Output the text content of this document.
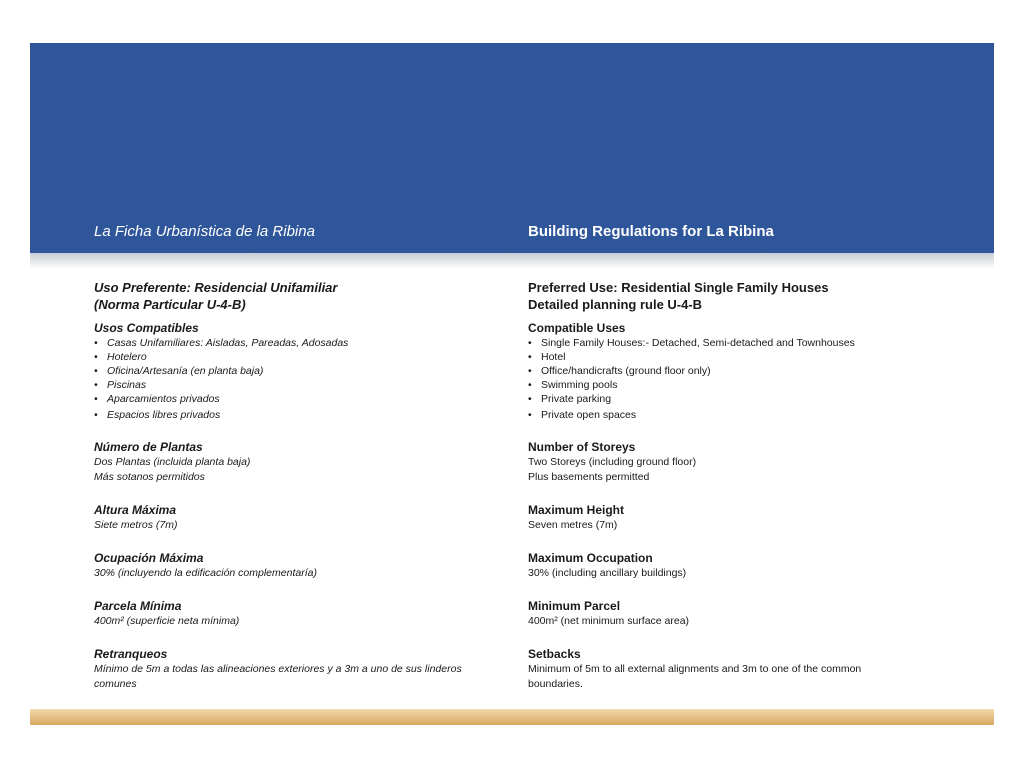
La Ficha Urbanística de la Ribina	Building Regulations for La Ribina

Uso Preferente: Residencial Unifamiliar

(Norma Particular U-4-B)

Usos Compatibles

• Casas Unifamiliares: Aisladas, Pareadas, Adosadas
• Hotelero
• Oficina/Artesanía (en planta baja)
• Piscinas
• Aparcamientos privados
• Espacios libres privados

Número de Plantas

Dos Plantas (incluida planta baja)

Más sotanos permitidos

Altura Máxima

Siete metros (7m)

Ocupación Máxima

30% (incluyendo la edificación complementaría)

Parcela Mínima

400m² (superficie neta mínima)

Retranqueos

Mínimo de 5m a todas las alineaciones exteriores y a 3m a uno de sus linderos

comunes

Preferred Use: Residential Single Family Houses

Detailed planning rule U-4-B

Compatible Uses

• Single Family Houses:- Detached, Semi-detached and Townhouses
• Hotel
• Office/handicrafts (ground floor only)
• Swimming pools
• Private parking
• Private open spaces

Number of Storeys

Two Storeys (including ground floor)

Plus basements permitted

Maximum Height

Seven metres (7m)

Maximum Occupation

30% (including ancillary buildings)

Minimum Parcel

400m² (net minimum surface area)

Setbacks

Minimum of 5m to all external alignments and 3m to one of the common

boundaries.
